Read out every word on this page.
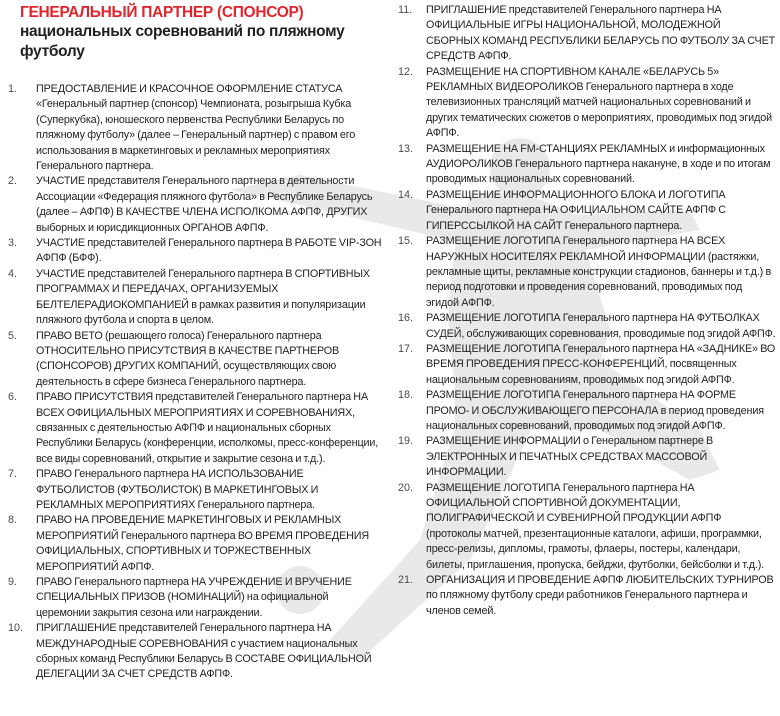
ГЕНЕРАЛЬНЫЙ ПАРТНЕР (СПОНСОР)
национальных соревнований по пляжному футболу
1.	ПРЕДОСТАВЛЕНИЕ И КРАСОЧНОЕ ОФОРМЛЕНИЕ СТАТУСА «Генеральный партнер (спонсор) Чемпионата, розыгрыша Кубка (Суперкубка), юношеского первенства Республики Беларусь по пляжному футболу» (далее – Генеральный партнер) с правом его использования в маркетинговых и рекламных мероприятиях Генерального партнера.
2.	УЧАСТИЕ представителя Генерального партнера в деятельности Ассоциации «Федерация пляжного футбола» в Республике Беларусь (далее – АФПФ) В КАЧЕСТВЕ ЧЛЕНА ИСПОЛКОМА АФПФ, ДРУГИХ выборных и юрисдикционных ОРГАНОВ АФПФ.
3.	УЧАСТИЕ представителей Генерального партнера В РАБОТЕ VIP-ЗОН АФПФ (БФФ).
4.	УЧАСТИЕ представителей Генерального партнера В СПОРТИВНЫХ ПРОГРАММАХ И ПЕРЕДАЧАХ, ОРГАНИЗУЕМЫХ БЕЛТЕЛЕРАДИОКОМПАНИЕЙ в рамках развития и популяризации пляжного футбола и спорта в целом.
5.	ПРАВО ВЕТО (решающего голоса) Генерального партнера ОТНОСИТЕЛЬНО ПРИСУТСТВИЯ В КАЧЕСТВЕ ПАРТНЕРОВ (СПОНСОРОВ) ДРУГИХ КОМПАНИЙ, осуществляющих свою деятельность в сфере бизнеса Генерального партнера.
6.	ПРАВО ПРИСУТСТВИЯ представителей Генерального партнера НА ВСЕХ ОФИЦИАЛЬНЫХ МЕРОПРИЯТИЯХ И СОРЕВНОВАНИЯХ, связанных с деятельностью АФПФ и национальных сборных Республики Беларусь (конференции, исполкомы, пресс-конференции, все виды соревнований, открытие и закрытие сезона и т.д.).
7.	ПРАВО Генерального партнера НА ИСПОЛЬЗОВАНИЕ ФУТБОЛИСТОВ (ФУТБОЛИСТОК) В МАРКЕТИНГОВЫХ И РЕКЛАМНЫХ МЕРОПРИЯТИЯХ Генерального партнера.
8.	ПРАВО НА ПРОВЕДЕНИЕ МАРКЕТИНГОВЫХ И РЕКЛАМНЫХ МЕРОПРИЯТИЙ Генерального партнера ВО ВРЕМЯ ПРОВЕДЕНИЯ ОФИЦИАЛЬНЫХ, СПОРТИВНЫХ И ТОРЖЕСТВЕННЫХ МЕРОПРИЯТИЙ АФПФ.
9.	ПРАВО Генерального партнера НА УЧРЕЖДЕНИЕ И ВРУЧЕНИЕ СПЕЦИАЛЬНЫХ ПРИЗОВ (НОМИНАЦИЙ) на официальной церемонии закрытия сезона или награждении.
10.	ПРИГЛАШЕНИЕ представителей Генерального партнера НА МЕЖДУНАРОДНЫЕ СОРЕВНОВАНИЯ с участием национальных сборных команд Республики Беларусь В СОСТАВЕ ОФИЦИАЛЬНОЙ ДЕЛЕГАЦИИ ЗА СЧЕТ СРЕДСТВ АФПФ.
11.	ПРИГЛАШЕНИЕ представителей Генерального партнера НА ОФИЦИАЛЬНЫЕ ИГРЫ НАЦИОНАЛЬНОЙ, МОЛОДЕЖНОЙ СБОРНЫХ КОМАНД РЕСПУБЛИКИ БЕЛАРУСЬ ПО ФУТБОЛУ ЗА СЧЕТ СРЕДСТВ АФПФ.
12.	РАЗМЕЩЕНИЕ НА СПОРТИВНОМ КАНАЛЕ «БЕЛАРУСЬ 5» РЕКЛАМНЫХ ВИДЕОРОЛИКОВ Генерального партнера в ходе телевизионных трансляций матчей национальных соревнований и других тематических сюжетов о мероприятиях, проводимых под эгидой АФПФ.
13.	РАЗМЕЩЕНИЕ НА FM-СТАНЦИЯХ РЕКЛАМНЫХ и информационных АУДИОРОЛИКОВ Генерального партнера накануне, в ходе и по итогам проводимых национальных соревнований.
14.	РАЗМЕЩЕНИЕ ИНФОРМАЦИОННОГО БЛОКА И ЛОГОТИПА Генерального партнера НА ОФИЦИАЛЬНОМ САЙТЕ АФПФ С ГИПЕРССЫЛКОЙ НА САЙТ Генерального партнера.
15.	РАЗМЕЩЕНИЕ ЛОГОТИПА Генерального партнера НА ВСЕХ НАРУЖНЫХ НОСИТЕЛЯХ РЕКЛАМНОЙ ИНФОРМАЦИИ (растяжки, рекламные щиты, рекламные конструкции стадионов, баннеры и т.д.) в период подготовки и проведения соревнований, проводимых под эгидой АФПФ.
16.	РАЗМЕЩЕНИЕ ЛОГОТИПА Генерального партнера НА ФУТБОЛКАХ СУДЕЙ, обслуживающих соревнования, проводимые под эгидой АФПФ.
17.	РАЗМЕЩЕНИЕ ЛОГОТИПА Генерального партнера НА «ЗАДНИКЕ» ВО ВРЕМЯ ПРОВЕДЕНИЯ ПРЕСС-КОНФЕРЕНЦИЙ, посвященных национальным соревнованиям, проводимых под эгидой АФПФ.
18.	РАЗМЕЩЕНИЕ ЛОГОТИПА Генерального партнера НА ФОРМЕ ПРОМО- И ОБСЛУЖИВАЮЩЕГО ПЕРСОНАЛА в период проведения национальных соревнований, проводимых под эгидой АФПФ.
19.	РАЗМЕЩЕНИЕ ИНФОРМАЦИИ о Генеральном партнере В ЭЛЕКТРОННЫХ И ПЕЧАТНЫХ СРЕДСТВАХ МАССОВОЙ ИНФОРМАЦИИ.
20.	РАЗМЕЩЕНИЕ ЛОГОТИПА Генерального партнера НА ОФИЦИАЛЬНОЙ СПОРТИВНОЙ ДОКУМЕНТАЦИИ, ПОЛИГРАФИЧЕСКОЙ И СУВЕНИРНОЙ ПРОДУКЦИИ АФПФ (протоколы матчей, презентационные каталоги, афиши, программки, пресс-релизы, дипломы, грамоты, флаеры, постеры, календари, билеты, приглашения, пропуска, бейджи, футболки, бейсболки и т.д.).
21.	ОРГАНИЗАЦИЯ И ПРОВЕДЕНИЕ АФПФ ЛЮБИТЕЛЬСКИХ ТУРНИРОВ по пляжному футболу среди работников Генерального партнера и членов семей.
